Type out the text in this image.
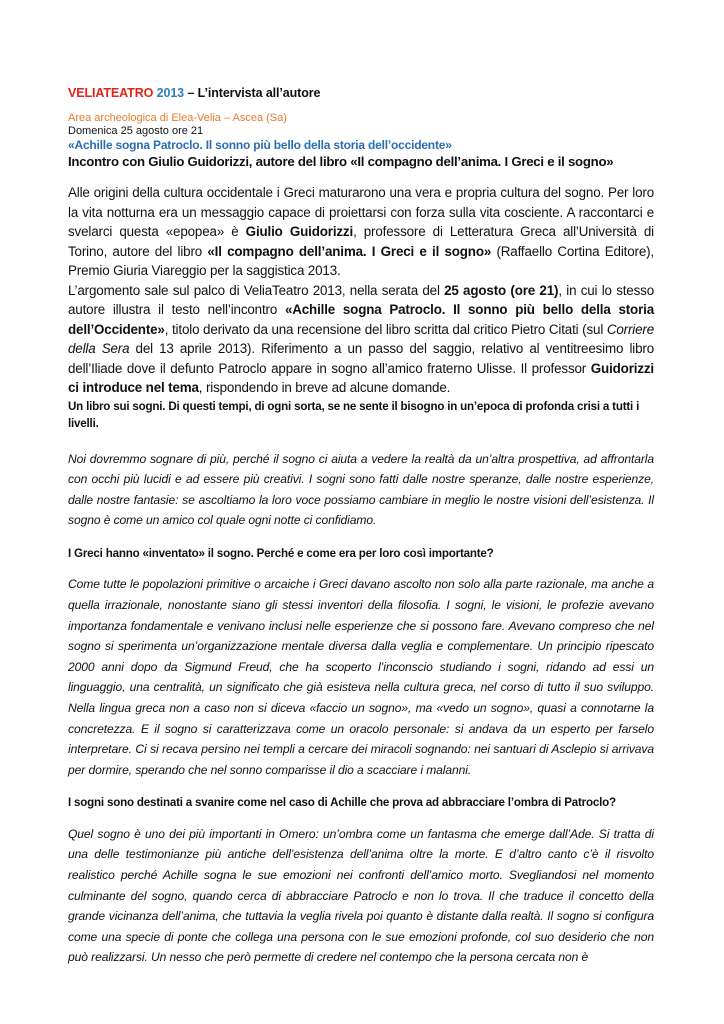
VELIATEATRO 2013 – L’intervista all’autore

Area archeologica di Elea-Velia – Ascea (Sa)

Domenica 25 agosto ore 21

«Achille sogna Patroclo. Il sonno più bello della storia dell’occidente»

Incontro con Giulio Guidorizzi, autore del libro «Il compagno dell’anima. I Greci e il sogno»

Alle origini della cultura occidentale i Greci maturarono una vera e propria cultura del sogno. Per loro la vita notturna era un messaggio capace di proiettarsi con forza sulla vita cosciente. A raccontarci e svelarci questa «epopea» è Giulio Guidorizzi, professore di Letteratura Greca all’Università di Torino, autore del libro «Il compagno dell’anima. I Greci e il sogno» (Raffaello Cortina Editore), Premio Giuria Viareggio per la saggistica 2013.

L’argomento sale sul palco di VeliaTeatro 2013, nella serata del 25 agosto (ore 21), in cui lo stesso autore illustra il testo nell’incontro «Achille sogna Patroclo. Il sonno più bello della storia dell’Occidente», titolo derivato da una recensione del libro scritta dal critico Pietro Citati (sul Corriere della Sera del 13 aprile 2013). Riferimento a un passo del saggio, relativo al ventitreesimo libro dell’Iliade dove il defunto Patroclo appare in sogno all’amico fraterno Ulisse. Il professor Guidorizzi ci introduce nel tema, rispondendo in breve ad alcune domande.

Un libro sui sogni. Di questi tempi, di ogni sorta, se ne sente il bisogno in un’epoca di profonda crisi a tutti i livelli.

Noi dovremmo sognare di più, perché il sogno ci aiuta a vedere la realtà da un’altra prospettiva, ad affrontarla con occhi più lucidi e ad essere più creativi. I sogni sono fatti dalle nostre speranze, dalle nostre esperienze, dalle nostre fantasie: se ascoltiamo la loro voce possiamo cambiare in meglio le nostre visioni dell’esistenza. Il sogno è come un amico col quale ogni notte ci confidiamo.

I Greci hanno «inventato» il sogno. Perché e come era per loro così importante?

Come tutte le popolazioni primitive o arcaiche i Greci davano ascolto non solo alla parte razionale, ma anche a quella irrazionale, nonostante siano gli stessi inventori della filosofia. I sogni, le visioni, le profezie avevano importanza fondamentale e venivano inclusi nelle esperienze che si possono fare. Avevano compreso che nel sogno si sperimenta un’organizzazione mentale diversa dalla veglia e complementare. Un principio ripescato 2000 anni dopo da Sigmund Freud, che ha scoperto l’inconscio studiando i sogni, ridando ad essi un linguaggio, una centralità, un significato che già esisteva nella cultura greca, nel corso di tutto il suo sviluppo. Nella lingua greca non a caso non si diceva «faccio un sogno», ma «vedo un sogno», quasi a connotarne la concretezza. E il sogno si caratterizzava come un oracolo personale: si andava da un esperto per farselo interpretare. Ci si recava persino nei templi a cercare dei miracoli sognando: nei santuari di Asclepio si arrivava per dormire, sperando che nel sonno comparisse il dio a scacciare i malanni.

I sogni sono destinati a svanire come nel caso di Achille che prova ad abbracciare l’ombra di Patroclo?

Quel sogno è uno dei più importanti in Omero: un’ombra come un fantasma che emerge dall’Ade. Si tratta di una delle testimonianze più antiche dell’esistenza dell’anima oltre la morte. E d’altro canto c’è il risvolto realistico perché Achille sogna le sue emozioni nei confronti dell’amico morto. Svegliandosi nel momento culminante del sogno, quando cerca di abbracciare Patroclo e non lo trova. Il che traduce il concetto della grande vicinanza dell’anima, che tuttavia la veglia rivela poi quanto è distante dalla realtà. Il sogno si configura come una specie di ponte che collega una persona con le sue emozioni profonde, col suo desiderio che non può realizzarsi. Un nesso che però permette di credere nel contempo che la persona cercata non è
